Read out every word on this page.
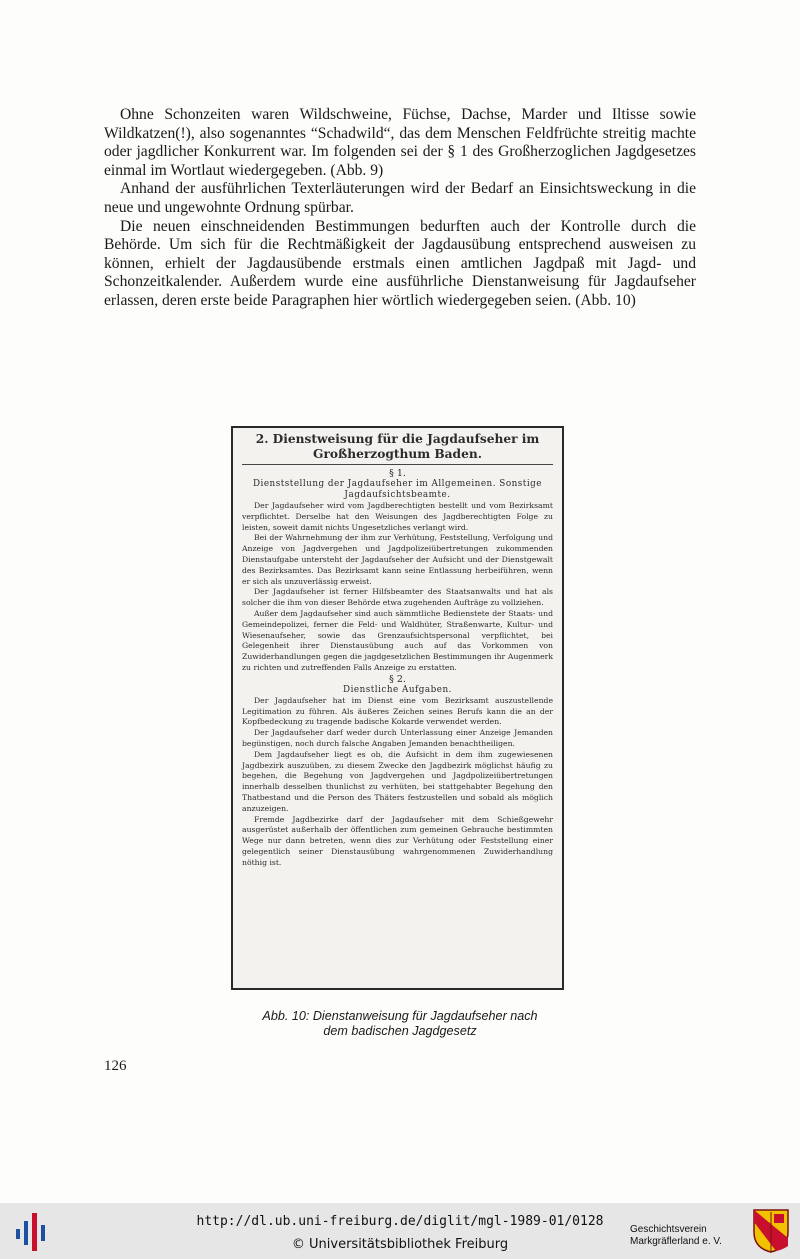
Ohne Schonzeiten waren Wildschweine, Füchse, Dachse, Marder und Iltisse sowie Wildkatzen(!), also sogenanntes “Schadwild“, das dem Menschen Feldfrüchte streitig machte oder jagdlicher Konkurrent war. Im folgenden sei der § 1 des Großherzoglichen Jagdgesetzes einmal im Wortlaut wiedergegeben. (Abb. 9)

Anhand der ausführlichen Texterläuterungen wird der Bedarf an Einsichtsweckung in die neue und ungewohnte Ordnung spürbar.

Die neuen einschneidenden Bestimmungen bedurften auch der Kontrolle durch die Behörde. Um sich für die Rechtmäßigkeit der Jagdausübung entsprechend ausweisen zu können, erhielt der Jagdausübende erstmals einen amtlichen Jagdpaß mit Jagd- und Schonzeitkalender. Außerdem wurde eine ausführliche Dienstanweisung für Jagdaufseher erlassen, deren erste beide Paragraphen hier wörtlich wiedergegeben seien. (Abb. 10)

2. Dienstweisung für die Jagdaufseher im Großherzogthum Baden.
§ 1.
Dienststellung der Jagdaufseher im Allgemeinen. Sonstige Jagdaufsichtsbeamte.

Der Jagdaufseher wird vom Jagdberechtigten bestellt und vom Bezirksamt verpflichtet. Derselbe hat den Weisungen des Jagdberechtigten Folge zu leisten, soweit damit nichts Ungesetzliches verlangt wird.

Bei der Wahrnehmung der ihm zur Verhütung, Feststellung, Verfolgung und Anzeige von Jagdvergehen und Jagdpolizeiübertretungen zukommenden Dienstaufgabe untersteht der Jagdaufseher der Aufsicht und der Dienstgewalt des Bezirksamtes. Das Bezirksamt kann seine Entlassung herbeiführen, wenn er sich als unzuverlässig erweist.

Der Jagdaufseher ist ferner Hilfsbeamter des Staatsanwalts und hat als solcher die ihm von dieser Behörde etwa zugehenden Aufträge zu vollziehen.

Außer dem Jagdaufseher sind auch sämmtliche Bedienstete der Staats- und Gemeindepolizei, ferner die Feld- und Waldhüter, Straßenwarte, Kultur- und Wiesenaufseher, sowie das Grenzaufsichtspersonal verpflichtet, bei Gelegenheit ihrer Dienstausübung auch auf das Vorkommen von Zuwiderhandlungen gegen die jagdgesetzlichen Bestimmungen ihr Augenmerk zu richten und zutreffenden Falls Anzeige zu erstatten.

§ 2.
Dienstliche Aufgaben.

Der Jagdaufseher hat im Dienst eine vom Bezirksamt auszustellende Legitimation zu führen. Als äußeres Zeichen seines Berufs kann die an der Kopfbedeckung zu tragende badische Kokarde verwendet werden.

Der Jagdaufseher darf weder durch Unterlassung einer Anzeige Jemanden begünstigen, noch durch falsche Angaben Jemanden benachtheiligen.

Dem Jagdaufseher liegt es ob, die Aufsicht in dem ihm zugewiesenen Jagdbezirk auszuüben, zu diesem Zwecke den Jagdbezirk möglichst häufig zu begehen, die Begehung von Jagdvergehen und Jagdpolizeiübertretungen innerhalb desselben thunlichst zu verhüten, bei stattgehabter Begehung den Thatbestand und die Person des Thäters festzustellen und sobald als möglich anzuzeigen.

Fremde Jagdbezirke darf der Jagdaufseher mit dem Schießgewehr ausgerüstet außerhalb der öffentlichen zum gemeinen Gebrauche bestimmten Wege nur dann betreten, wenn dies zur Verhütung oder Feststellung einer gelegentlich seiner Dienstausübung wahrgenommenen Zuwiderhandlung nöthig ist.

Abb. 10: Dienstanweisung für Jagdaufseher nach
dem badischen Jagdgesetz
126
http://dl.ub.uni-freiburg.de/diglit/mgl-1989-01/0128
© Universitätsbibliothek Freiburg
Geschichtsverein
Markgräflerland e. V.
